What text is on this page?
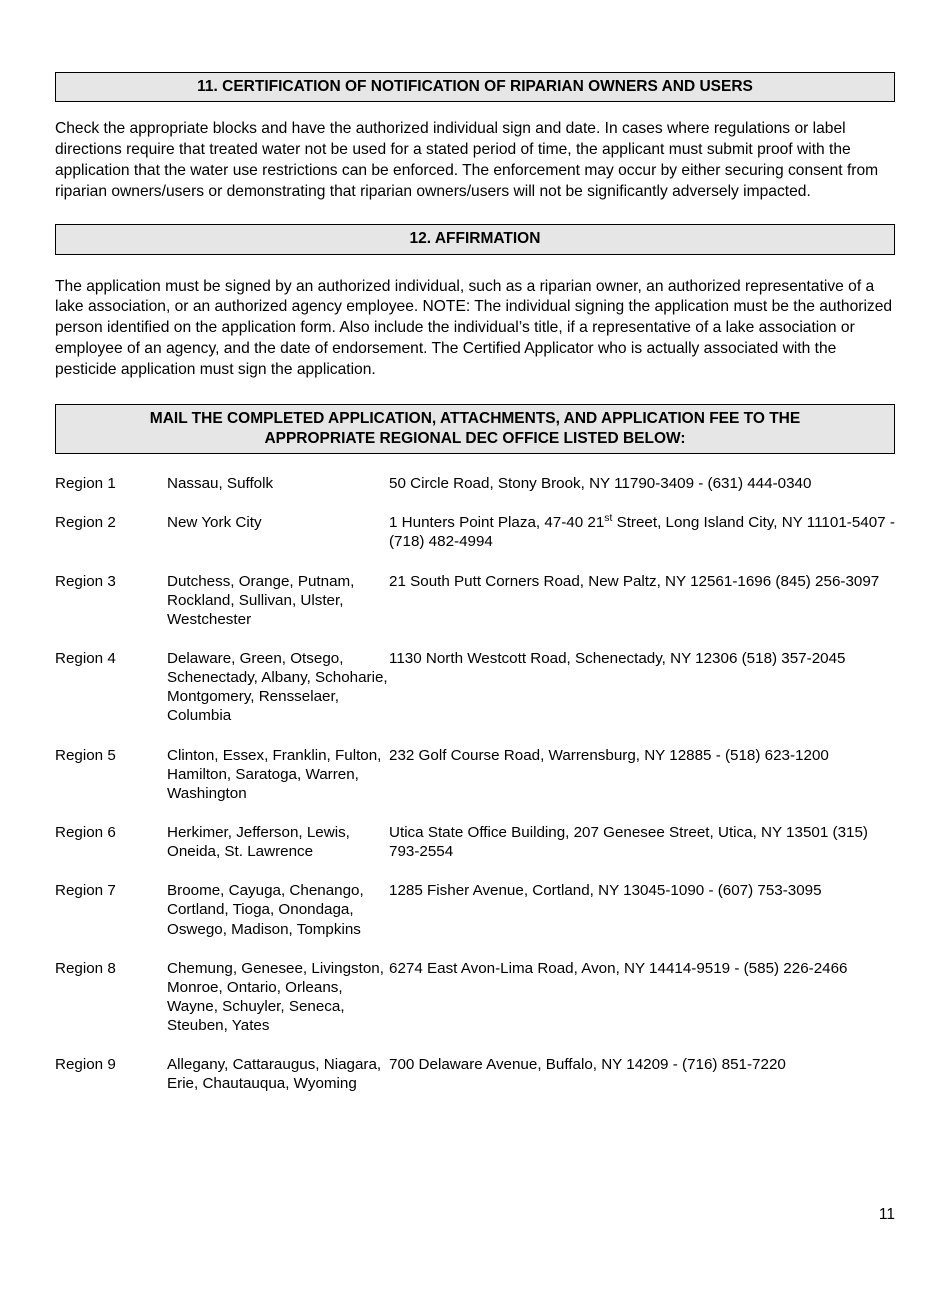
11. CERTIFICATION OF NOTIFICATION OF RIPARIAN OWNERS AND USERS
Check the appropriate blocks and have the authorized individual sign and date. In cases where regulations or label directions require that treated water not be used for a stated period of time, the applicant must submit proof with the application that the water use restrictions can be enforced. The enforcement may occur by either securing consent from riparian owners/users or demonstrating that riparian owners/users will not be significantly adversely impacted.
12. AFFIRMATION
The application must be signed by an authorized individual, such as a riparian owner, an authorized representative of a lake association, or an authorized agency employee. NOTE: The individual signing the application must be the authorized person identified on the application form. Also include the individual’s title, if a representative of a lake association or employee of an agency, and the date of endorsement. The Certified Applicator who is actually associated with the pesticide application must sign the application.
MAIL THE COMPLETED APPLICATION, ATTACHMENTS, AND APPLICATION FEE TO THE
APPROPRIATE REGIONAL DEC OFFICE LISTED BELOW:
Region 1	Nassau, Suffolk	50 Circle Road, Stony Brook, NY 11790-3409 - (631) 444-0340
Region 2	New York City	1 Hunters Point Plaza, 47-40 21st Street, Long Island City, NY 11101-5407 - (718) 482-4994
Region 3	Dutchess, Orange, Putnam, Rockland, Sullivan, Ulster, Westchester	21 South Putt Corners Road, New Paltz, NY 12561-1696 (845) 256-3097
Region 4	Delaware, Green, Otsego, Schenectady, Albany, Schoharie, Montgomery, Rensselaer, Columbia	1130 North Westcott Road, Schenectady, NY 12306 (518) 357-2045
Region 5	Clinton, Essex, Franklin, Fulton, Hamilton, Saratoga, Warren, Washington	232 Golf Course Road, Warrensburg, NY 12885 - (518) 623-1200
Region 6	Herkimer, Jefferson, Lewis, Oneida, St. Lawrence	Utica State Office Building, 207 Genesee Street, Utica, NY 13501 (315) 793-2554
Region 7	Broome, Cayuga, Chenango, Cortland, Tioga, Onondaga, Oswego, Madison, Tompkins	1285 Fisher Avenue, Cortland, NY 13045-1090 - (607) 753-3095
Region 8	Chemung, Genesee, Livingston, Monroe, Ontario, Orleans, Wayne, Schuyler, Seneca, Steuben, Yates	6274 East Avon-Lima Road, Avon, NY 14414-9519 - (585) 226-2466
Region 9	Allegany, Cattaraugus, Niagara, Erie, Chautauqua, Wyoming	700 Delaware Avenue, Buffalo, NY 14209 - (716) 851-7220
11
